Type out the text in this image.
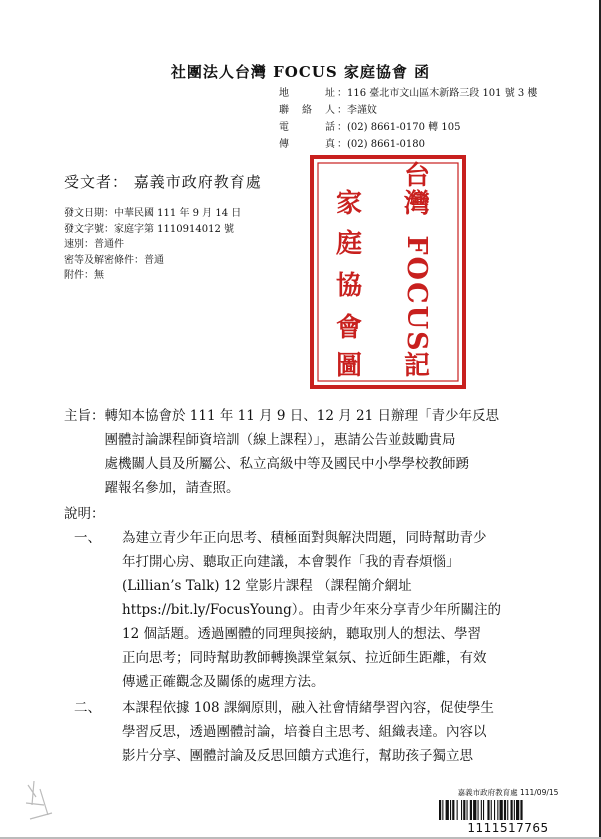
社團法人台灣 FOCUS 家庭協會 函
地　址 ： 116 臺北市文山區木新路三段 101 號 3 樓
聯絡人 ： 李謹妏
電　話 ： (02) 8661-0170 轉 105
傳　真 ： (02) 8661-0180
台
灣
FOCUS
家
庭
協
會
圖 記
受文者： 嘉義市政府教育處
發文日期：中華民國 111 年 9 月 14 日
發文字號：家庭字第 1110914012 號
速別：普通件
密等及解密條件：普通
附件：無
主旨： 轉知本協會於 111 年 11 月 9 日、12 月 21 日辦理「青少年反思
團體討論課程師資培訓（線上課程）」，惠請公告並鼓勵貴局
處機關人員及所屬公、私立高級中等及國民中小學學校教師踴
躍報名參加，請查照。
說明：
一、	為建立青少年正向思考、積極面對與解決問題，同時幫助青少
年打開心房、聽取正向建議，本會製作「我的青春煩惱」
(Lillian’s Talk) 12 堂影片課程 （課程簡介網址
https://bit.ly/FocusYoung）。由青少年來分享青少年所關注的
12 個話題。透過團體的同理與接納，聽取別人的想法、學習
正向思考；同時幫助教師轉換課堂氣氛、拉近師生距離，有效
傳遞正確觀念及關係的處理方法。
二、	本課程依據 108 課綱原則，融入社會情緒學習內容，促使學生
學習反思，透過團體討論，培養自主思考、組織表達。內容以
影片分享、團體討論及反思回饋方式進行，幫助孩子獨立思
嘉義市政府教育處 111/09/15
1111517765
